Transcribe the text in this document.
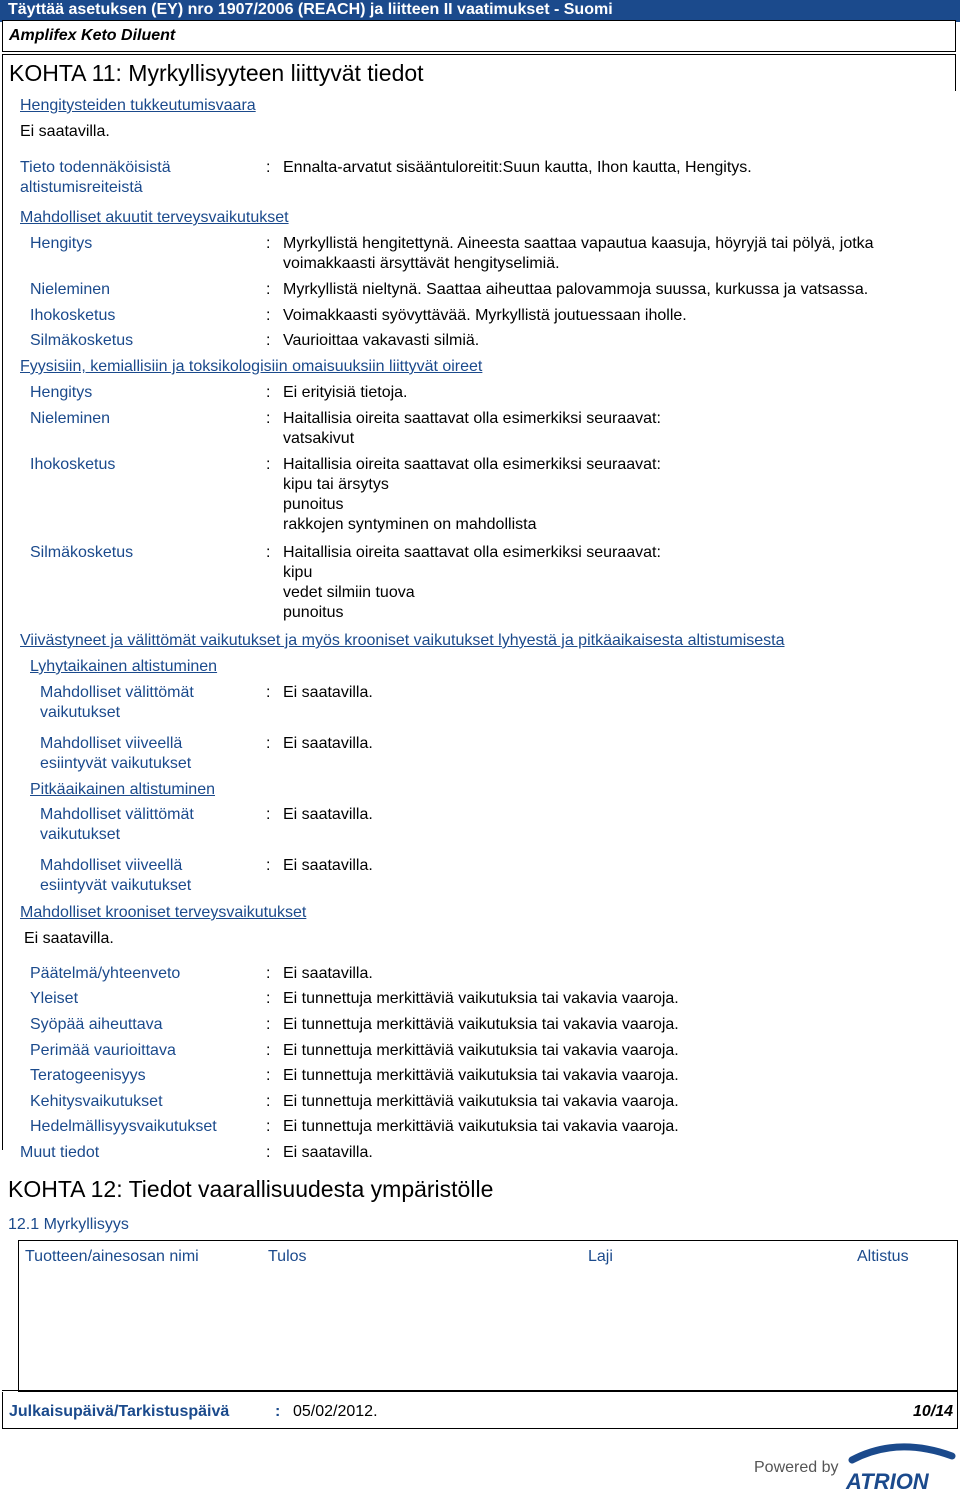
Täyttää asetuksen (EY) nro 1907/2006 (REACH) ja liitteen II vaatimukset - Suomi
Amplifex Keto Diluent
KOHTA 11: Myrkyllisyyteen liittyvät tiedot
Hengitysteiden tukkeutumisvaara
Ei saatavilla.
Tieto todennäköisistä
altistumisreiteistä
: Ennalta-arvatut sisääntuloreitit:Suun kautta, Ihon kautta, Hengitys.
Mahdolliset akuutit terveysvaikutukset
Hengitys	: Myrkyllistä hengitettynä. Aineesta saattaa vapautua kaasuja, höyryjä tai pölyä, jotka
voimakkaasti ärsyttävät hengityselimiä.
Nieleminen	: Myrkyllistä nieltynä. Saattaa aiheuttaa palovammoja suussa, kurkussa ja vatsassa.
Ihokosketus	: Voimakkaasti syövyttävää. Myrkyllistä joutuessaan iholle.
Silmäkosketus	: Vaurioittaa vakavasti silmiä.
Fyysisiin, kemiallisiin ja toksikologisiin omaisuuksiin liittyvät oireet
Hengitys	: Ei erityisiä tietoja.
Nieleminen	: Haitallisia oireita saattavat olla esimerkiksi seuraavat:
vatsakivut
Ihokosketus	: Haitallisia oireita saattavat olla esimerkiksi seuraavat:
kipu tai ärsytys
punoitus
rakkojen syntyminen on mahdollista
Silmäkosketus	: Haitallisia oireita saattavat olla esimerkiksi seuraavat:
kipu
vedet silmiin tuova
punoitus
Viivästyneet ja välittömät vaikutukset ja myös krooniset vaikutukset lyhyestä ja pitkäaikaisesta altistumisesta
Lyhytaikainen altistuminen
Mahdolliset välittömät
vaikutukset
: Ei saatavilla.
Mahdolliset viiveellä
esiintyvät vaikutukset
: Ei saatavilla.
Pitkäaikainen altistuminen
Mahdolliset välittömät
vaikutukset
: Ei saatavilla.
Mahdolliset viiveellä
esiintyvät vaikutukset
: Ei saatavilla.
Mahdolliset krooniset terveysvaikutukset
Ei saatavilla.
Päätelmä/yhteenveto	: Ei saatavilla.
Yleiset	: Ei tunnettuja merkittäviä vaikutuksia tai vakavia vaaroja.
Syöpää aiheuttava	: Ei tunnettuja merkittäviä vaikutuksia tai vakavia vaaroja.
Perimää vaurioittava	: Ei tunnettuja merkittäviä vaikutuksia tai vakavia vaaroja.
Teratogeenisyys	: Ei tunnettuja merkittäviä vaikutuksia tai vakavia vaaroja.
Kehitysvaikutukset	: Ei tunnettuja merkittäviä vaikutuksia tai vakavia vaaroja.
Hedelmällisyysvaikutukset	: Ei tunnettuja merkittäviä vaikutuksia tai vakavia vaaroja.
Muut tiedot	: Ei saatavilla.
KOHTA 12: Tiedot vaarallisuudesta ympäristölle
12.1 Myrkyllisyys
Tuotteen/ainesosan nimi	Tulos	Laji	Altistus
Julkaisupäivä/Tarkistuspäivä	: 05/02/2012.	10/14
Powered by
ATRION
